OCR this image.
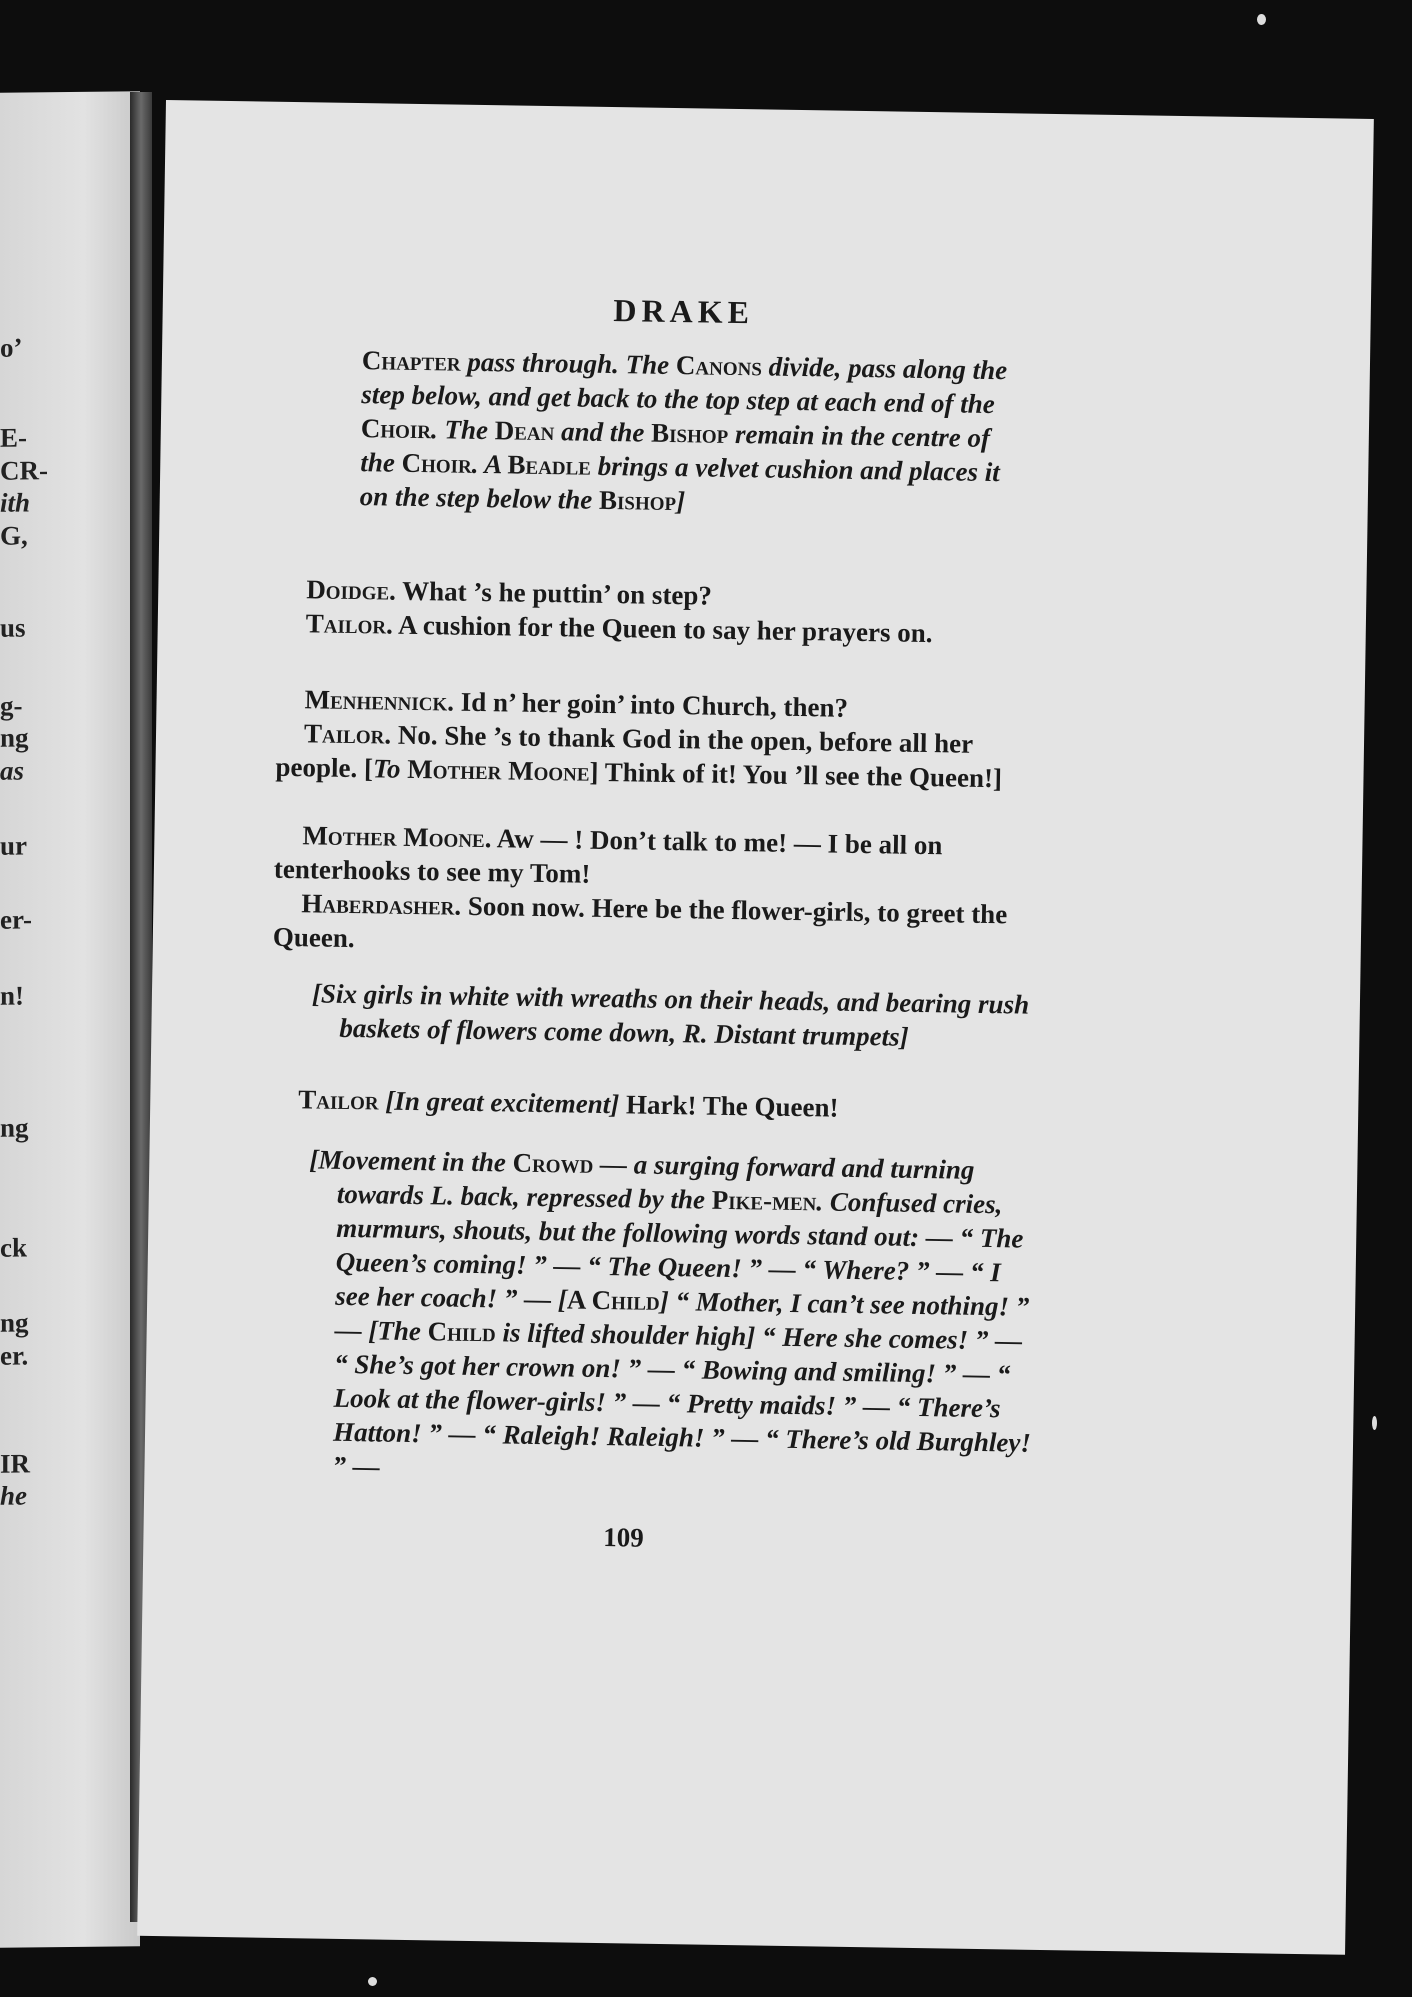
o’
E-
CR-
ith
G,
us
g-
ng
as
ur
er-
n!
ng
ck
ng
er.
IR
he
DRAKE
Chapter pass through. The Canons divide, pass along the step below, and get back to the top step at each end of the Choir. The Dean and the Bishop remain in the centre of the Choir. A Beadle brings a velvet cushion and places it on the step below the Bishop]
Doidge. What ’s he puttin’ on step?
Tailor. A cushion for the Queen to say her prayers on.
Menhennick. Id n’ her goin’ into Church, then?
Tailor. No. She ’s to thank God in the open, before all her people. [To Mother Moone] Think of it! You ’ll see the Queen!]
Mother Moone. Aw — ! Don’t talk to me! — I be all on tenterhooks to see my Tom!
Haberdasher. Soon now. Here be the flower-girls, to greet the Queen.
[Six girls in white with wreaths on their heads, and bearing rush baskets of flowers come down, R. Distant trumpets]
Tailor [In great excitement] Hark! The Queen!
[Movement in the Crowd — a surging forward and turning towards L. back, repressed by the Pike-men. Confused cries, murmurs, shouts, but the following words stand out: — “ The Queen’s coming! ” — “ The Queen! ” — “ Where? ” — “ I see her coach! ” — [A Child] “ Mother, I can’t see nothing! ” — [The Child is lifted shoulder high] “ Here she comes! ” — “ She’s got her crown on! ” — “ Bowing and smiling! ” — “ Look at the flower-girls! ” — “ Pretty maids! ” — “ There’s Hatton! ” — “ Raleigh! Raleigh! ” — “ There’s old Burghley! ” —
109
